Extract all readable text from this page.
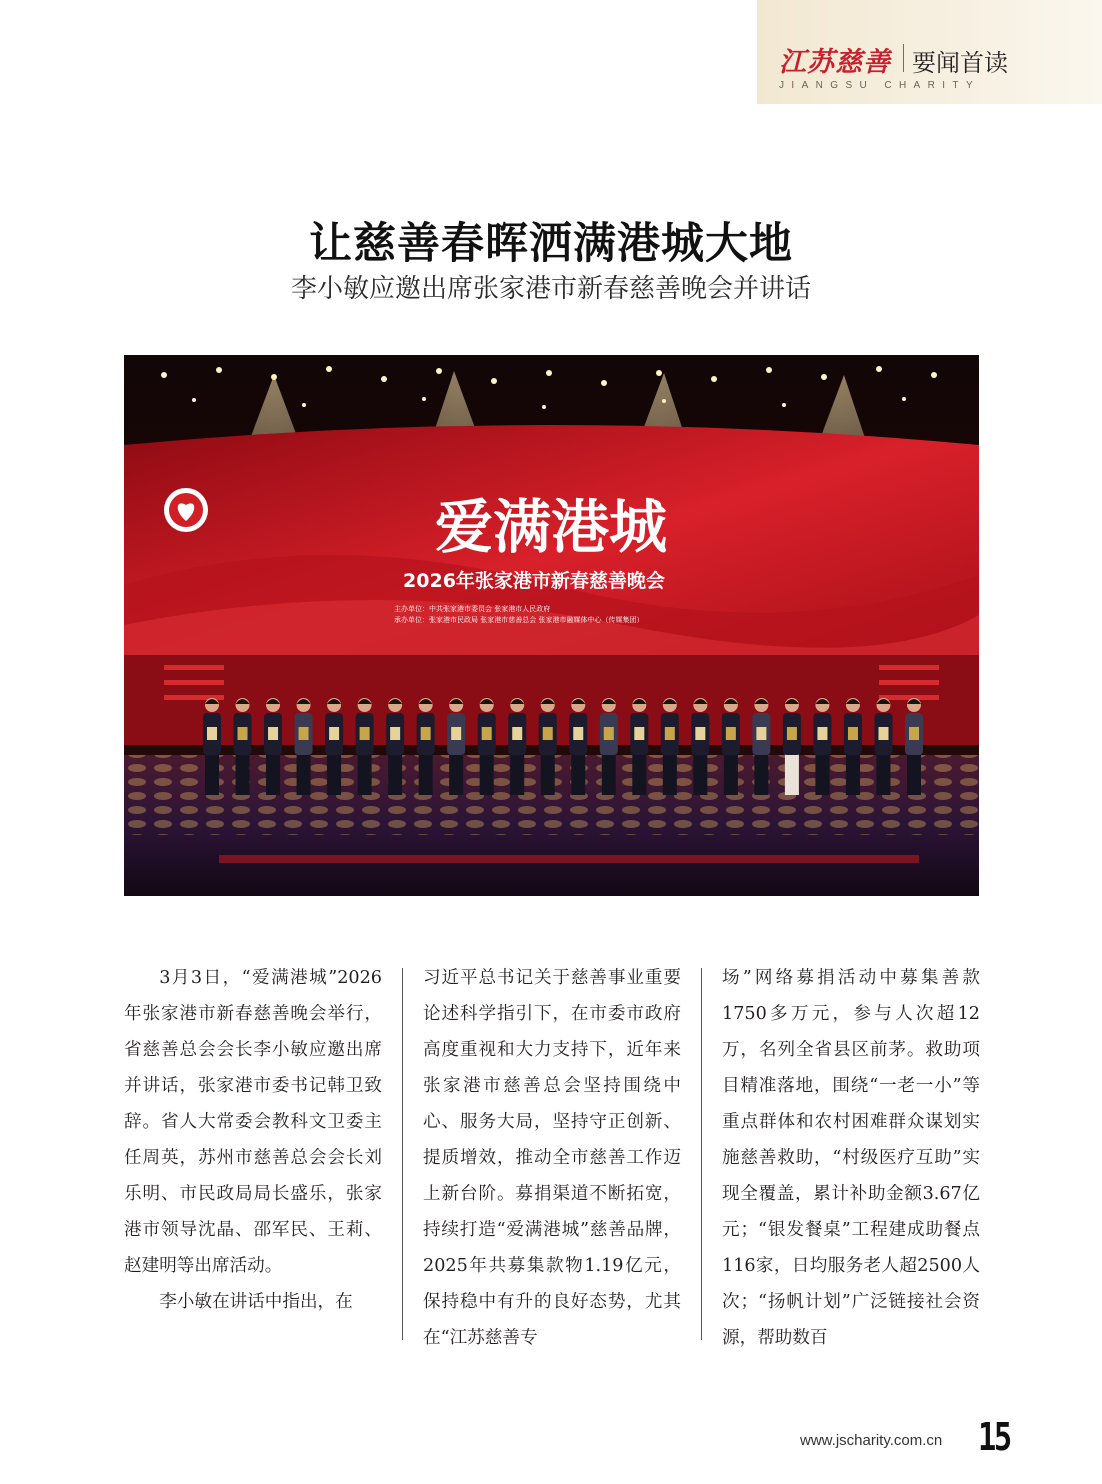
江苏慈善 要闻首读
JIANGSU CHARITY
让慈善春晖洒满港城大地
李小敏应邀出席张家港市新春慈善晚会并讲话
爱满港城
2026年张家港市新春慈善晚会
主办单位：中共张家港市委员会 张家港市人民政府
承办单位：张家港市民政局 张家港市慈善总会 张家港市融媒体中心（传媒集团）

3月3日，“爱满港城”2026年张家港市新春慈善晚会举行，省慈善总会会长李小敏应邀出席并讲话，张家港市委书记韩卫致辞。省人大常委会教科文卫委主任周英，苏州市慈善总会会长刘乐明、市民政局局长盛乐，张家港市领导沈晶、邵军民、王莉、赵建明等出席活动。

李小敏在讲话中指出，在

习近平总书记关于慈善事业重要论述科学指引下，在市委市政府高度重视和大力支持下，近年来张家港市慈善总会坚持围绕中心、服务大局，坚持守正创新、提质增效，推动全市慈善工作迈上新台阶。募捐渠道不断拓宽，持续打造“爱满港城”慈善品牌，2025年共募集款物1.19亿元，保持稳中有升的良好态势，尤其在“江苏慈善专
场”网络募捐活动中募集善款1750多万元，参与人次超12万，名列全省县区前茅。救助项目精准落地，围绕“一老一小”等重点群体和农村困难群众谋划实施慈善救助，“村级医疗互助”实现全覆盖，累计补助金额3.67亿元；“银发餐桌”工程建成助餐点116家，日均服务老人超2500人次；“扬帆计划”广泛链接社会资源，帮助数百
www.jscharity.com.cn 15
